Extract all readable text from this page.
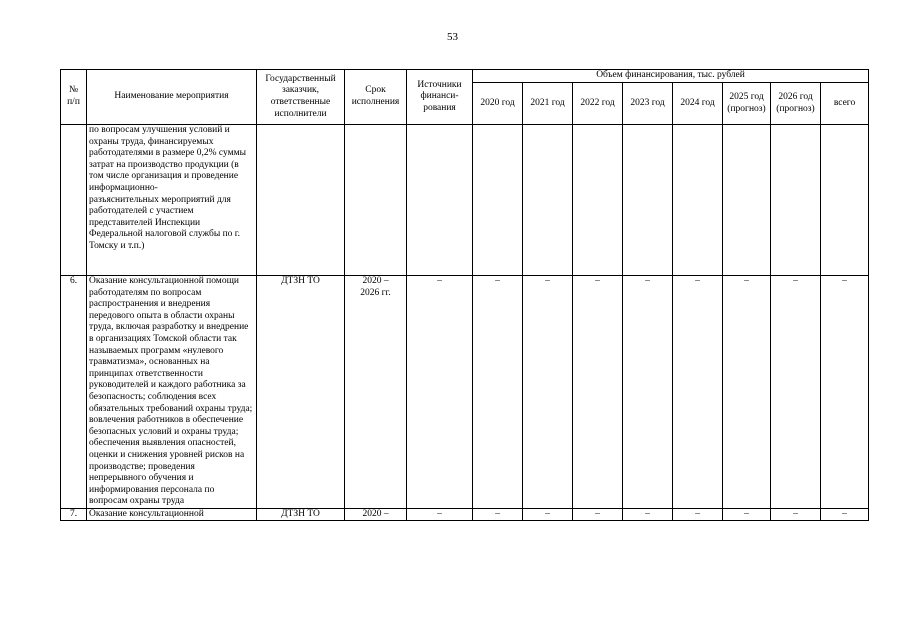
53
№
п/п	Наименование мероприятия	Государственный
заказчик,
ответственные
исполнители	Срок
исполнения	Источники
финанси-
рования	Объем финансирования, тыс. рублей							
					2020 год	2021 год	2022 год	2023 год	2024 год	2025 год
(прогноз)	2026 год
(прогноз)	всего
	по вопросам улучшения условий и охраны труда, финансируемых работодателями в размере 0,2% суммы затрат на производство продукции (в том числе организация и проведение информационно-
разъяснительных мероприятий для работодателей с участием представителей Инспекции Федеральной налоговой службы по г. Томску и т.п.)											
6.	Оказание консультационной помощи работодателям по вопросам распространения и внедрения передового опыта в области охраны труда, включая разработку и внедрение в организациях Томской области так называемых программ «нулевого травматизма», основанных на принципах ответственности руководителей и каждого работника за безопасность; соблюдения всех обязательных требований охраны труда; вовлечения работников в обеспечение безопасных условий и охраны труда; обеспечения выявления опасностей, оценки и снижения уровней рисков на производстве; проведения непрерывного обучения и информирования персонала по вопросам охраны труда	ДТЗН ТО	2020 –
2026 гг.	–	–	–	–	–	–	–	–	–
7.	Оказание консультационной	ДТЗН ТО	2020 –	–	–	–	–	–	–	–	–	–
